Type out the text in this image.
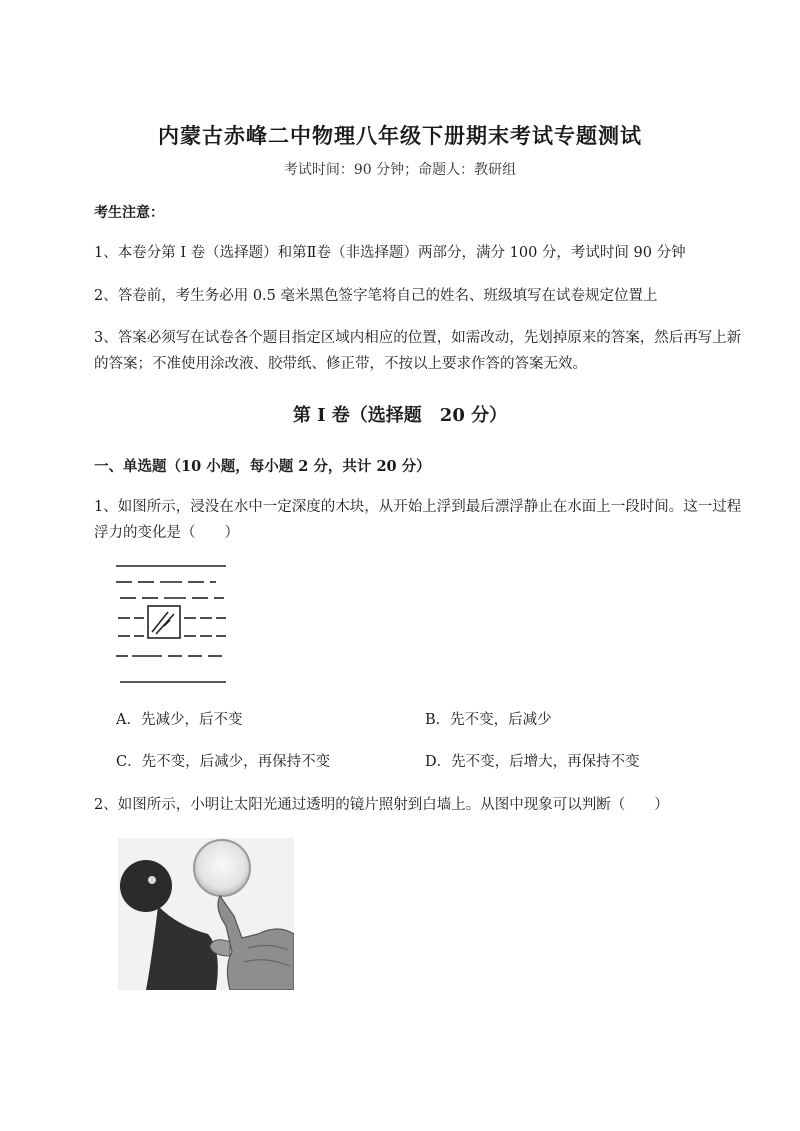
内蒙古赤峰二中物理八年级下册期末考试专题测试
考试时间：90 分钟；命题人：教研组
考生注意：
1、本卷分第 I 卷（选择题）和第Ⅱ卷（非选择题）两部分，满分 100 分，考试时间 90 分钟
2、答卷前，考生务必用 0.5 毫米黑色签字笔将自己的姓名、班级填写在试卷规定位置上
3、答案必须写在试卷各个题目指定区域内相应的位置，如需改动，先划掉原来的答案，然后再写上新的答案；不准使用涂改液、胶带纸、修正带，不按以上要求作答的答案无效。
第 I 卷（选择题　20 分）
一、单选题（10 小题，每小题 2 分，共计 20 分）
1、如图所示，浸没在水中一定深度的木块，从开始上浮到最后漂浮静止在水面上一段时间。这一过程浮力的变化是（　　）
A．先减少，后不变	B．先不变，后减少
C．先不变，后减少，再保持不变	D．先不变，后增大，再保持不变
2、如图所示，小明让太阳光通过透明的镜片照射到白墙上。从图中现象可以判断（　　）
